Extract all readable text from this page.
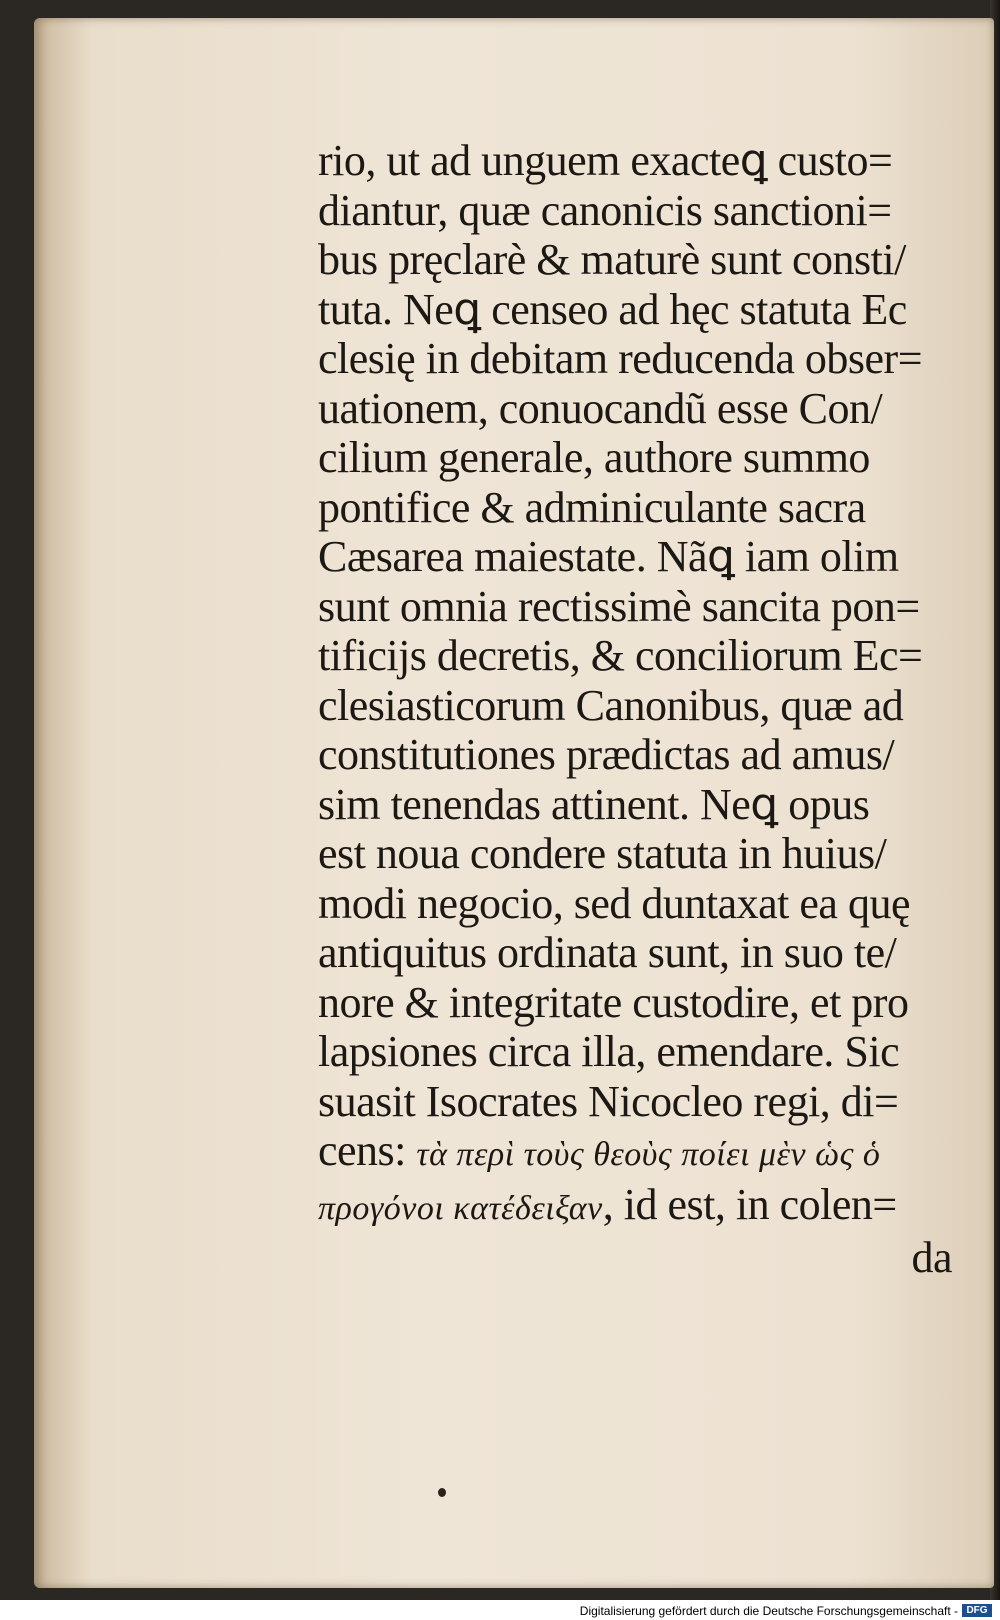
rio, ut ad unguem exacteꝗ custo=
diantur, quæ canonicis sanctioni=
bus pręclarè & maturè sunt consti/
tuta. Neꝗ censeo ad hęc statuta Ec
clesię in debitam reducenda obser=
uationem, conuocandũ esse Con/
cilium generale, authore summo
pontifice & adminiculante sacra
Cæsarea maiestate. Nãꝗ iam olim
sunt omnia rectissimè sancita pon=
tificijs decretis, & conciliorum Ec=
clesiasticorum Canonibus, quæ ad
constitutiones prædictas ad amus/
sim tenendas attinent. Neꝗ opus
est noua condere statuta in huius/
modi negocio, sed duntaxat ea quę
antiquitus ordinata sunt, in suo te/
nore & integritate custodire, et pro
lapsiones circa illa, emendare. Sic
suasit Isocrates Nicocleo regi, di=
cens: τὰ περὶ τοὺς θεοὺς ποίει μὲν ὡς ὁ
προγόνοι κατέδειξαν, id est, in colen=
da
Digitalisierung gefördert durch die Deutsche Forschungsgemeinschaft - DFG
